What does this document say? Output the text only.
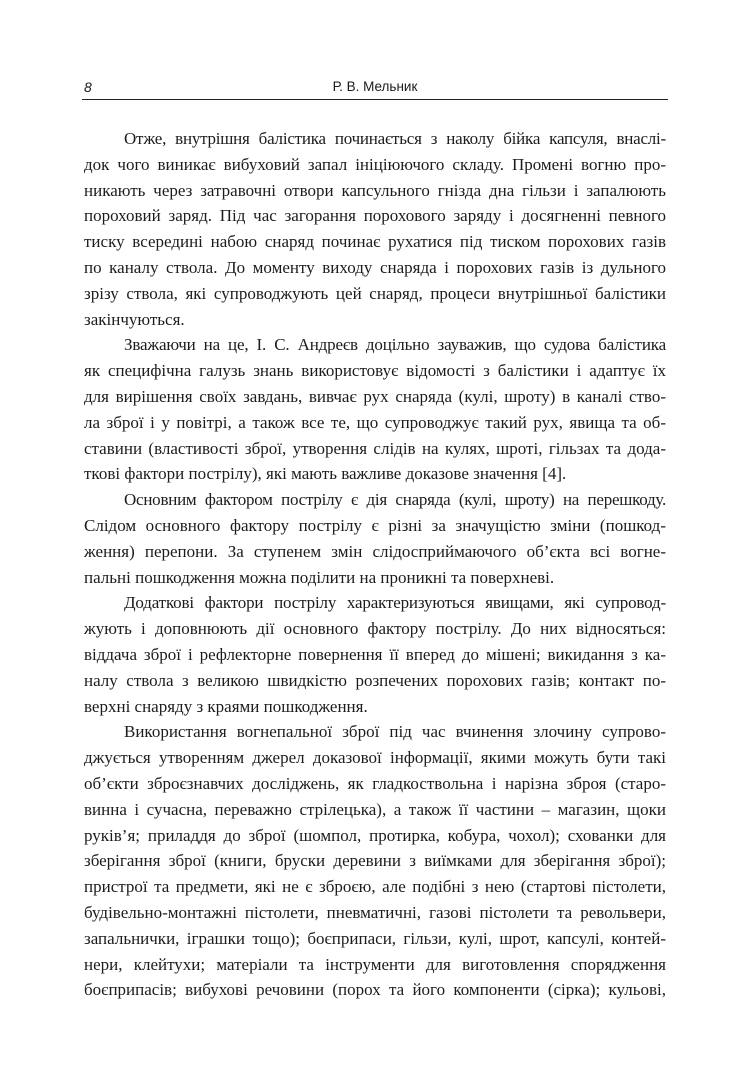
8	Р. В. Мельник
Отже, внутрішня балістика починається з наколу бійка капсуля, внаслі-
док чого виникає вибуховий запал ініціюючого складу. Промені вогню про-
никають через затравочні отвори капсульного гнізда дна гільзи і запалюють
пороховий заряд. Під час загорання порохового заряду і досягненні певного
тиску всередині набою снаряд починає рухатися під тиском порохових газів
по каналу ствола. До моменту виходу снаряда і порохових газів із дульного
зрізу ствола, які супроводжують цей снаряд, процеси внутрішньої балістики
закінчуються.
Зважаючи на це, І. С. Андреєв доцільно зауважив, що судова балістика
як специфічна галузь знань використовує відомості з балістики і адаптує їх
для вирішення своїх завдань, вивчає рух снаряда (кулі, шроту) в каналі ство-
ла зброї і у повітрі, а також все те, що супроводжує такий рух, явища та об-
ставини (властивості зброї, утворення слідів на кулях, шроті, гільзах та дода-
ткові фактори пострілу), які мають важливе доказове значення [4].
Основним фактором пострілу є дія снаряда (кулі, шроту) на перешкоду.
Слідом основного фактору пострілу є різні за значущістю зміни (пошкод-
ження) перепони. За ступенем змін слідосприймаючого об’єкта всі вогне-
пальні пошкодження можна поділити на проникні та поверхневі.
Додаткові фактори пострілу характеризуються явищами, які супровод-
жують і доповнюють дії основного фактору пострілу. До них відносяться:
віддача зброї і рефлекторне повернення її вперед до мішені; викидання з ка-
налу ствола з великою швидкістю розпечених порохових газів; контакт по-
верхні снаряду з краями пошкодження.
Використання вогнепальної зброї під час вчинення злочину супрово-
джується утворенням джерел доказової інформації, якими можуть бути такі
об’єкти зброєзнавчих досліджень, як гладкоствольна і нарізна зброя (старо-
винна і сучасна, переважно стрілецька), а також її частини – магазин, щоки
руків’я; приладдя до зброї (шомпол, протирка, кобура, чохол); схованки для
зберігання зброї (книги, бруски деревини з виїмками для зберігання зброї);
пристрої та предмети, які не є зброєю, але подібні з нею (стартові пістолети,
будівельно-монтажні пістолети, пневматичні, газові пістолети та револьвери,
запальнички, іграшки тощо); боєприпаси, гільзи, кулі, шрот, капсулі, контей-
нери, клейтухи; матеріали та інструменти для виготовлення спорядження
боєприпасів; вибухові речовини (порох та його компоненти (сірка); кульові,
